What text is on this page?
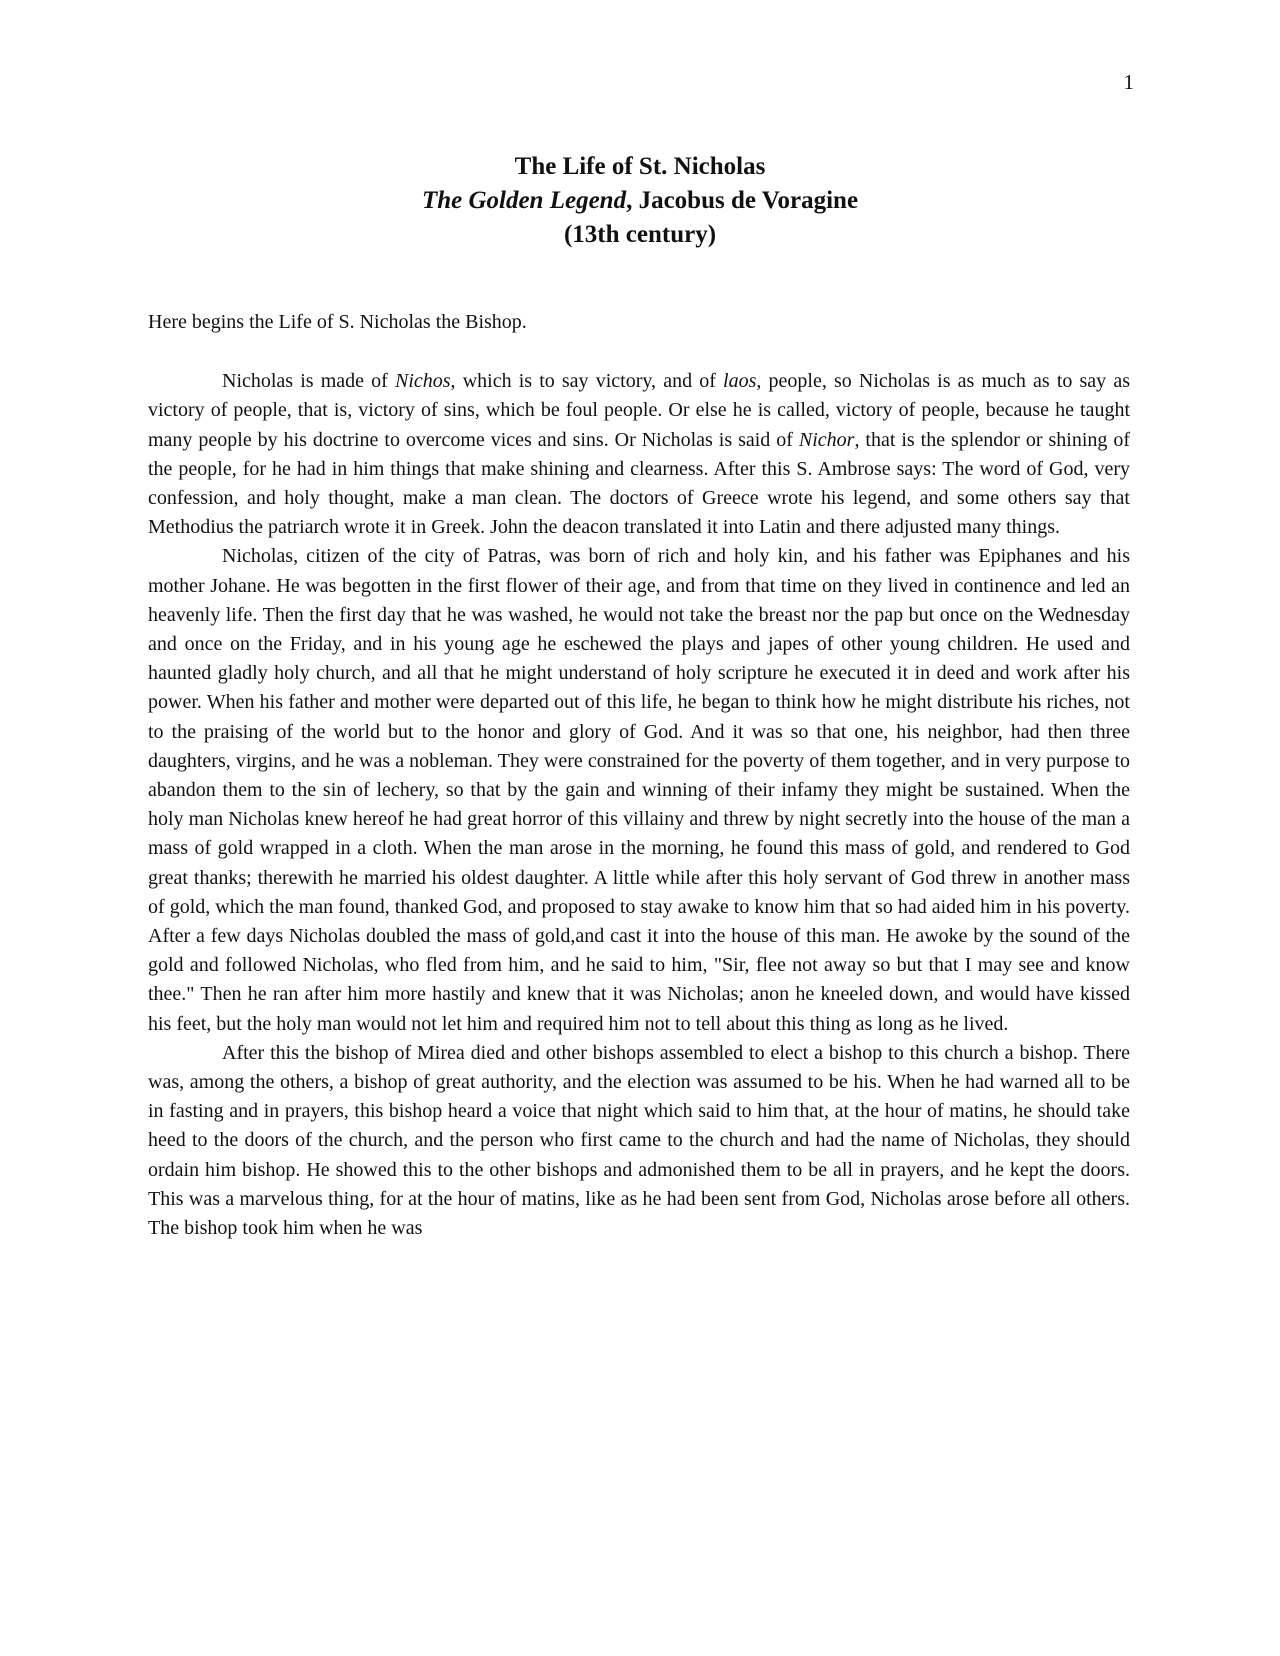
1
The Life of St. Nicholas
The Golden Legend, Jacobus de Voragine
(13th century)

Here begins the Life of S. Nicholas the Bishop.

Nicholas is made of Nichos, which is to say victory, and of laos, people, so Nicholas is as much as to say as victory of people, that is, victory of sins, which be foul people. Or else he is called, victory of people, because he taught many people by his doctrine to overcome vices and sins. Or Nicholas is said of Nichor, that is the splendor or shining of the people, for he had in him things that make shining and clearness. After this S. Ambrose says: The word of God, very confession, and holy thought, make a man clean. The doctors of Greece wrote his legend, and some others say that Methodius the patriarch wrote it in Greek. John the deacon translated it into Latin and there adjusted many things.

Nicholas, citizen of the city of Patras, was born of rich and holy kin, and his father was Epiphanes and his mother Johane. He was begotten in the first flower of their age, and from that time on they lived in continence and led an heavenly life. Then the first day that he was washed, he would not take the breast nor the pap but once on the Wednesday and once on the Friday, and in his young age he eschewed the plays and japes of other young children. He used and haunted gladly holy church, and all that he might understand of holy scripture he executed it in deed and work after his power. When his father and mother were departed out of this life, he began to think how he might distribute his riches, not to the praising of the world but to the honor and glory of God. And it was so that one, his neighbor, had then three daughters, virgins, and he was a nobleman. They were constrained for the poverty of them together, and in very purpose to abandon them to the sin of lechery, so that by the gain and winning of their infamy they might be sustained. When the holy man Nicholas knew hereof he had great horror of this villainy and threw by night secretly into the house of the man a mass of gold wrapped in a cloth. When the man arose in the morning, he found this mass of gold, and rendered to God great thanks; therewith he married his oldest daughter. A little while after this holy servant of God threw in another mass of gold, which the man found, thanked God, and proposed to stay awake to know him that so had aided him in his poverty. After a few days Nicholas doubled the mass of gold,and cast it into the house of this man. He awoke by the sound of the gold and followed Nicholas, who fled from him, and he said to him, "Sir, flee not away so but that I may see and know thee." Then he ran after him more hastily and knew that it was Nicholas; anon he kneeled down, and would have kissed his feet, but the holy man would not let him and required him not to tell about this thing as long as he lived.

After this the bishop of Mirea died and other bishops assembled to elect a bishop to this church a bishop. There was, among the others, a bishop of great authority, and the election was assumed to be his. When he had warned all to be in fasting and in prayers, this bishop heard a voice that night which said to him that, at the hour of matins, he should take heed to the doors of the church, and the person who first came to the church and had the name of Nicholas, they should ordain him bishop. He showed this to the other bishops and admonished them to be all in prayers, and he kept the doors. This was a marvelous thing, for at the hour of matins, like as he had been sent from God, Nicholas arose before all others. The bishop took him when he was
